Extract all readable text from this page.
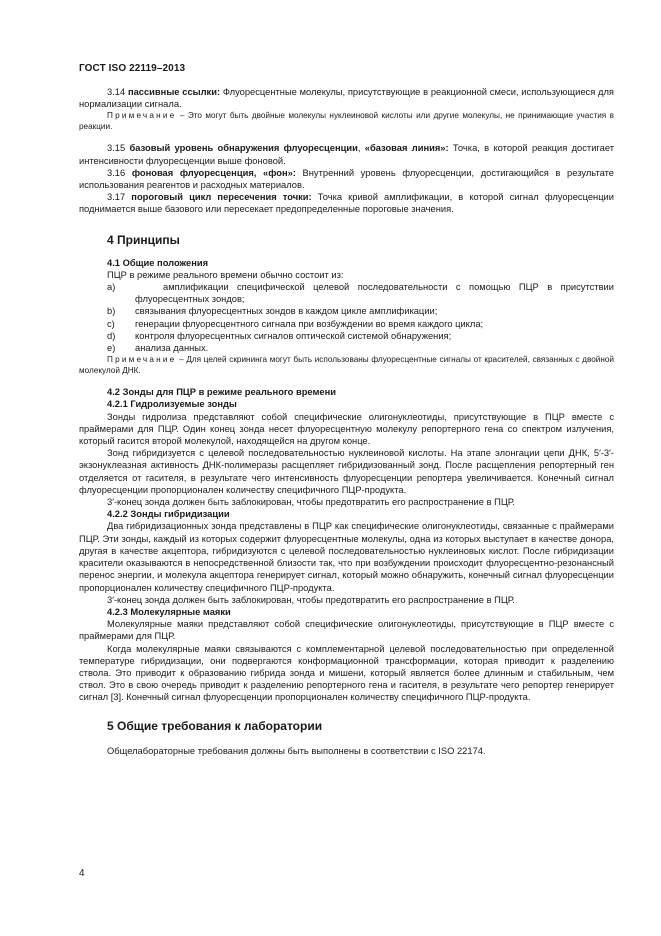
ГОСТ ISO 22119–2013

3.14 пассивные ссылки: Флуоресцентные молекулы, присутствующие в реакционной смеси, использующиеся для нормализации сигнала.

Примечание – Это могут быть двойные молекулы нуклеиновой кислоты или другие молекулы, не принимающие участия в реакции.

3.15 базовый уровень обнаружения флуоресценции, «базовая линия»: Точка, в которой реакция достигает интенсивности флуоресценции выше фоновой.

3.16 фоновая флуоресценция, «фон»: Внутренний уровень флуоресценции, достигающийся в результате использования реагентов и расходных материалов.

3.17 пороговый цикл пересечения точки: Точка кривой амплификации, в которой сигнал флуоресценции поднимается выше базового или пересекает предопределенные пороговые значения.

4 Принципы

4.1 Общие положения

ПЦР в режиме реального времени обычно состоит из:

a)	амплификации специфической целевой последовательности с помощью ПЦР в присутствии флуоресцентных зондов;
b)	связывания флуоресцентных зондов в каждом цикле амплификации;
c)	генерации флуоресцентного сигнала при возбуждении во время каждого цикла;
d)	контроля флуоресцентных сигналов оптической системой обнаружения;
e)	анализа данных.

Примечание – Для целей скрининга могут быть использованы флуоресцентные сигналы от красителей, связанных с двойной молекулой ДНК.

4.2 Зонды для ПЦР в режиме реального времени

4.2.1 Гидролизуемые зонды

Зонды гидролиза представляют собой специфические олигонуклеотиды, присутствующие в ПЦР вместе с праймерами для ПЦР. Один конец зонда несет флуоресцентную молекулу репортерного гена со спектром излучения, который гасится второй молекулой, находящейся на другом конце.

Зонд гибридизуется с целевой последовательностью нуклеиновой кислоты. На этапе элонгации цепи ДНК, 5′-3′-экзонуклеазная активность ДНК-полимеразы расщепляет гибридизованный зонд. После расщепления репортерный ген отделяется от гасителя, в результате чего интенсивность флуоресценции репортера увеличивается. Конечный сигнал флуоресценции пропорционален количеству специфичного ПЦР-продукта.

3′-конец зонда должен быть заблокирован, чтобы предотвратить его распространение в ПЦР.

4.2.2 Зонды гибридизации

Два гибридизационных зонда представлены в ПЦР как специфические олигонуклеотиды, связанные с праймерами ПЦР. Эти зонды, каждый из которых содержит флуоресцентные молекулы, одна из которых выступает в качестве донора, другая в качестве акцептора, гибридизуются с целевой последовательностью нуклеиновых кислот. После гибридизации красители оказываются в непосредственной близости так, что при возбуждении происходит флуоресцентно-резонансный перенос энергии, и молекула акцептора генерирует сигнал, который можно обнаружить, конечный сигнал флуоресценции пропорционален количеству специфичного ПЦР-продукта.

3′-конец зонда должен быть заблокирован, чтобы предотвратить его распространение в ПЦР.

4.2.3 Молекулярные маяки

Молекулярные маяки представляют собой специфические олигонуклеотиды, присутствующие в ПЦР вместе с праймерами для ПЦР.

Когда молекулярные маяки связываются с комплементарной целевой последовательностью при определенной температуре гибридизации, они подвергаются конформационной трансформации, которая приводит к разделению ствола. Это приводит к образованию гибрида зонда и мишени, который является более длинным и стабильным, чем ствол. Это в свою очередь приводит к разделению репортерного гена и гасителя, в результате чего репортер генерирует сигнал [3]. Конечный сигнал флуоресценции пропорционален количеству специфичного ПЦР-продукта.

5 Общие требования к лаборатории

Общелабораторные требования должны быть выполнены в соответствии с ISO 22174.

4
